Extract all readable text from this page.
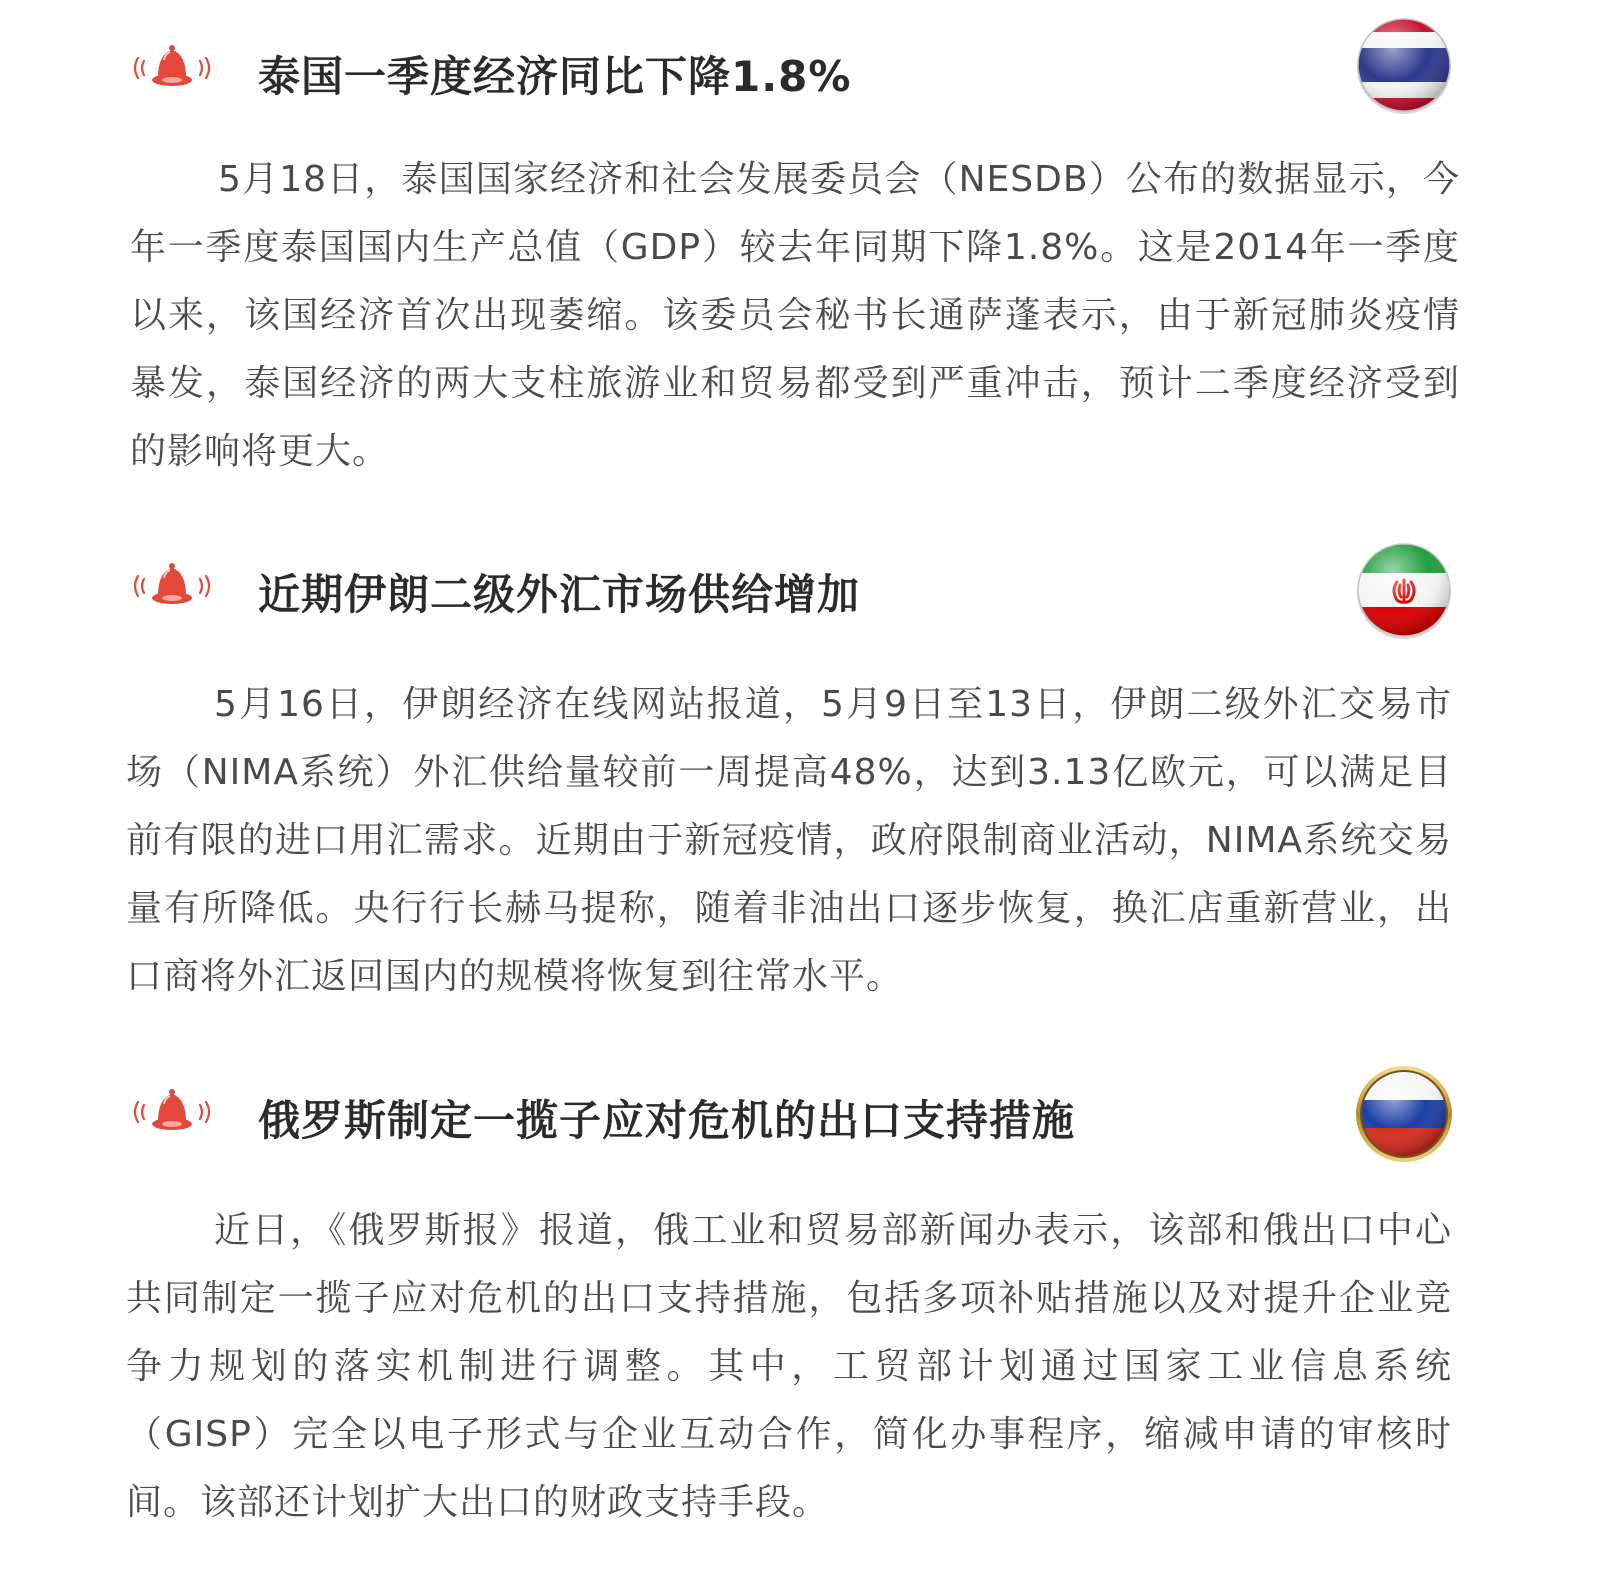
泰国一季度经济同比下降1.8%

5月18日，泰国国家经济和社会发展委员会（NESDB）公布的数据显示，今年一季度泰国国内生产总值（GDP）较去年同期下降1.8%。这是2014年一季度以来，该国经济首次出现萎缩。该委员会秘书长通萨蓬表示，由于新冠肺炎疫情暴发，泰国经济的两大支柱旅游业和贸易都受到严重冲击，预计二季度经济受到的影响将更大。

近期伊朗二级外汇市场供给增加

5月16日，伊朗经济在线网站报道，5月9日至13日，伊朗二级外汇交易市场（NIMA系统）外汇供给量较前一周提高48%，达到3.13亿欧元，可以满足目前有限的进口用汇需求。近期由于新冠疫情，政府限制商业活动，NIMA系统交易量有所降低。央行行长赫马提称，随着非油出口逐步恢复，换汇店重新营业，出口商将外汇返回国内的规模将恢复到往常水平。

俄罗斯制定一揽子应对危机的出口支持措施

近日，《俄罗斯报》报道，俄工业和贸易部新闻办表示，该部和俄出口中心共同制定一揽子应对危机的出口支持措施，包括多项补贴措施以及对提升企业竞争力规划的落实机制进行调整。其中，工贸部计划通过国家工业信息系统（GISP）完全以电子形式与企业互动合作，简化办事程序，缩减申请的审核时间。该部还计划扩大出口的财政支持手段。
